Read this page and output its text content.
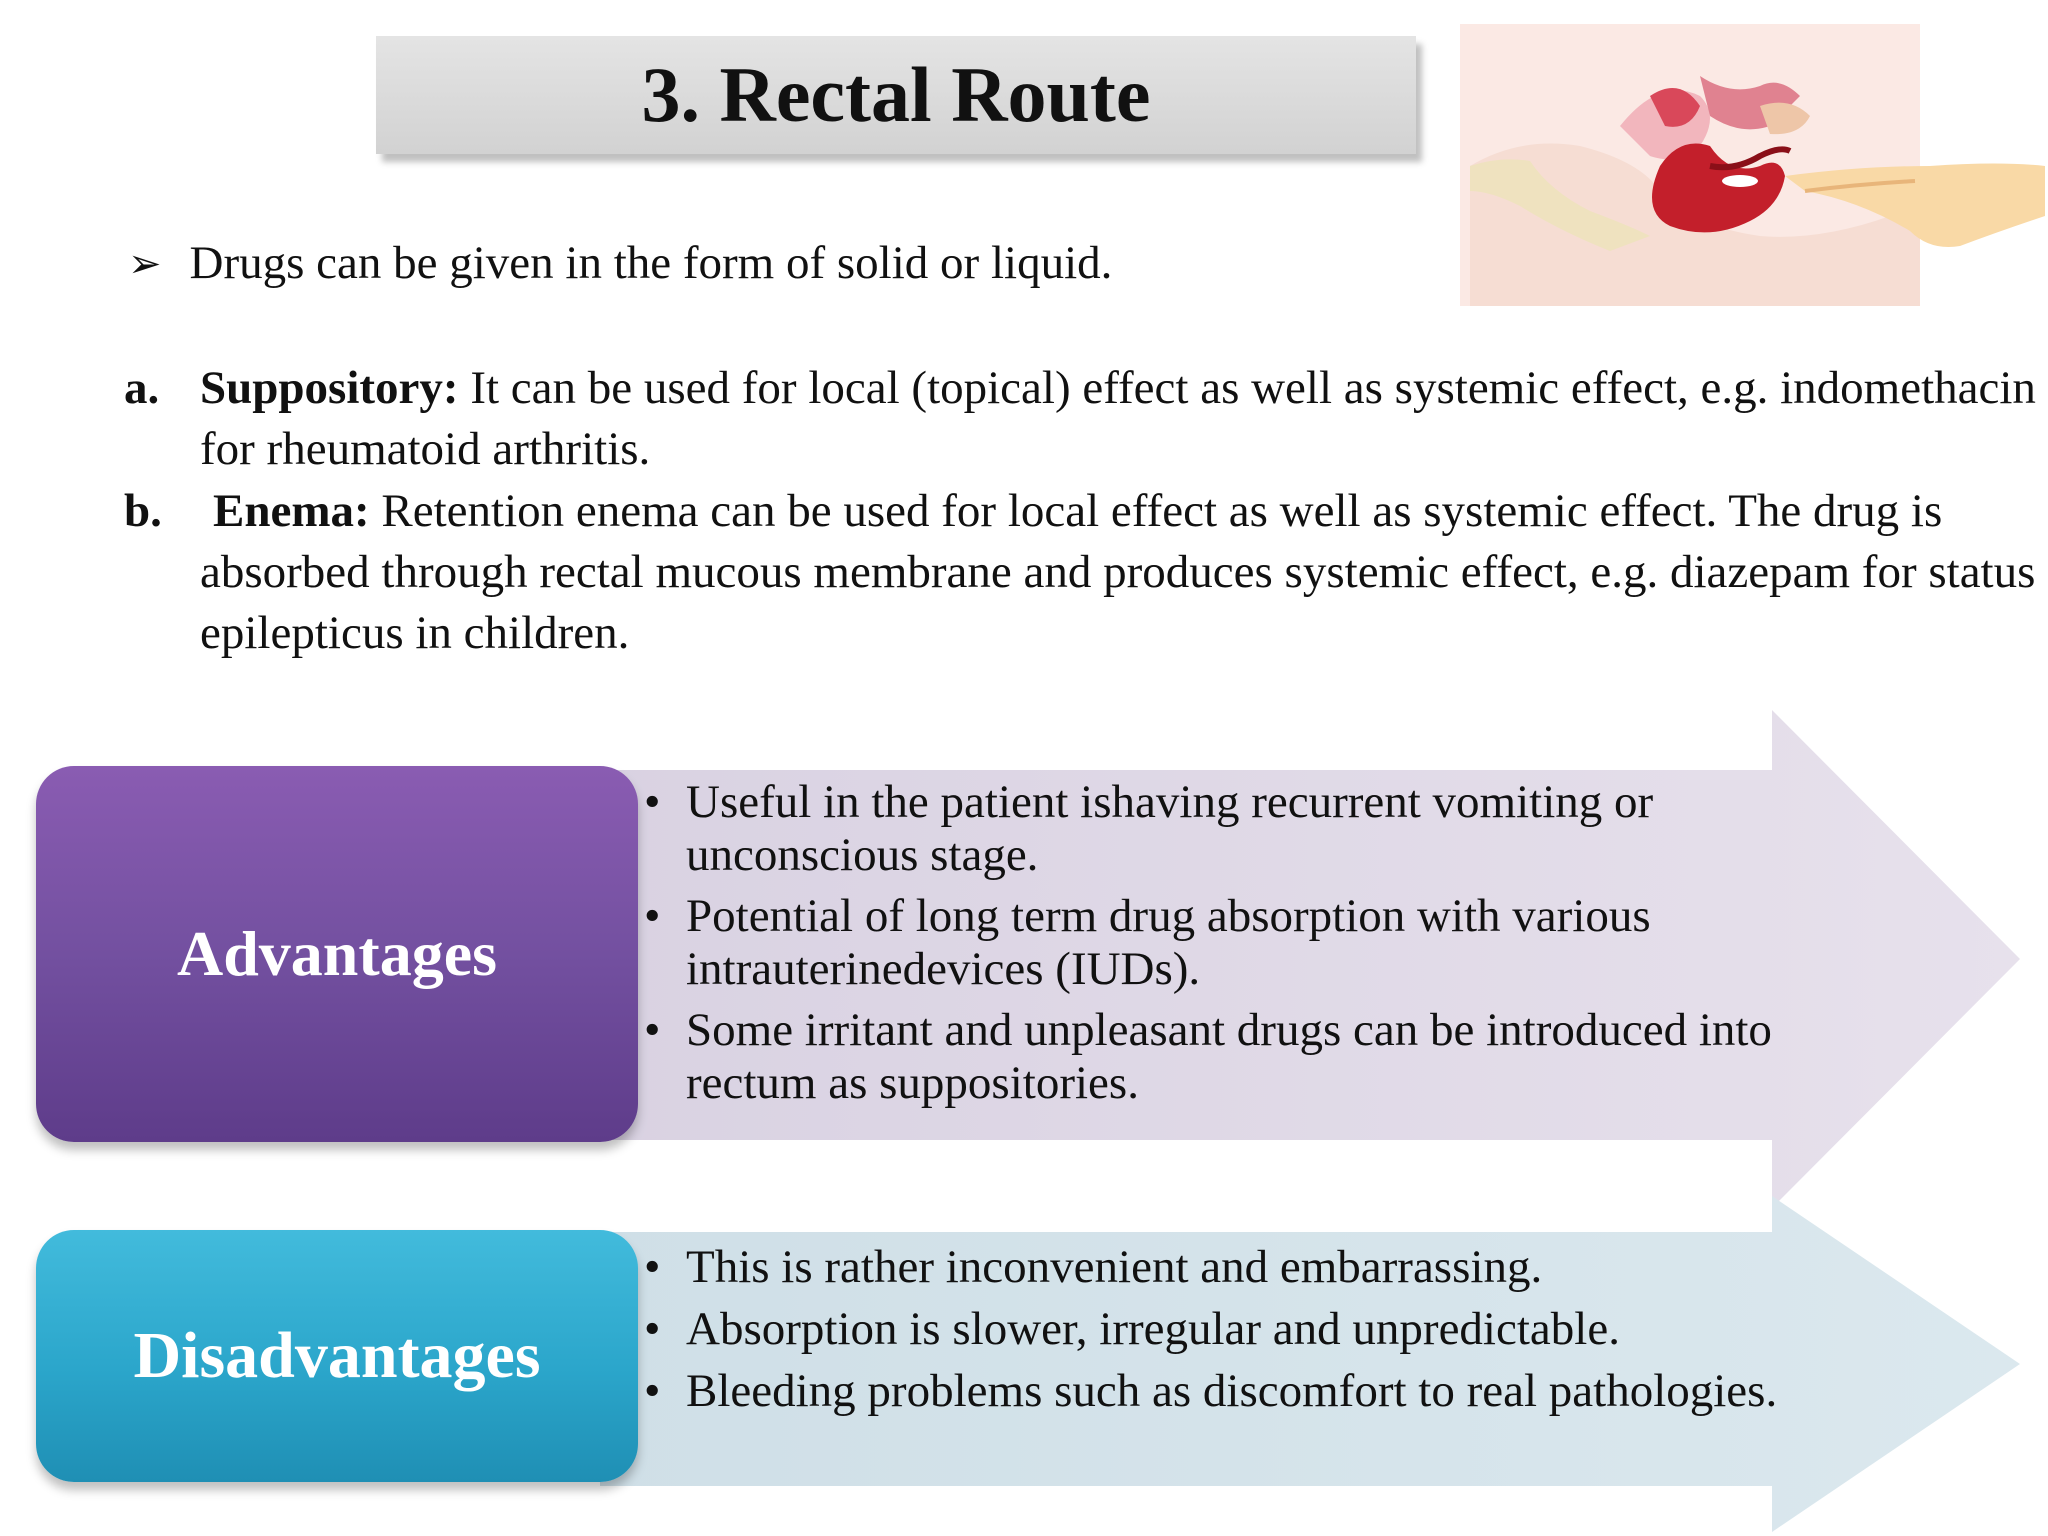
3. Rectal Route
➢ Drugs can be given in the form of solid or liquid.
a. Suppository: It can be used for local (topical) effect as well as systemic effect, e.g. indomethacin for rheumatoid arthritis.
b. Enema: Retention enema can be used for local effect as well as systemic effect. The drug is absorbed through rectal mucous membrane and produces systemic effect, e.g. diazepam for status epilepticus in children.
Advantages
• Useful in the patient ishaving recurrent vomiting or unconscious stage.
• Potential of long term drug absorption with various intrauterinedevices (IUDs).
• Some irritant and unpleasant drugs can be introduced into rectum as suppositories.
Disadvantages
• This is rather inconvenient and embarrassing.
• Absorption is slower, irregular and unpredictable.
• Bleeding problems such as discomfort to real pathologies.
